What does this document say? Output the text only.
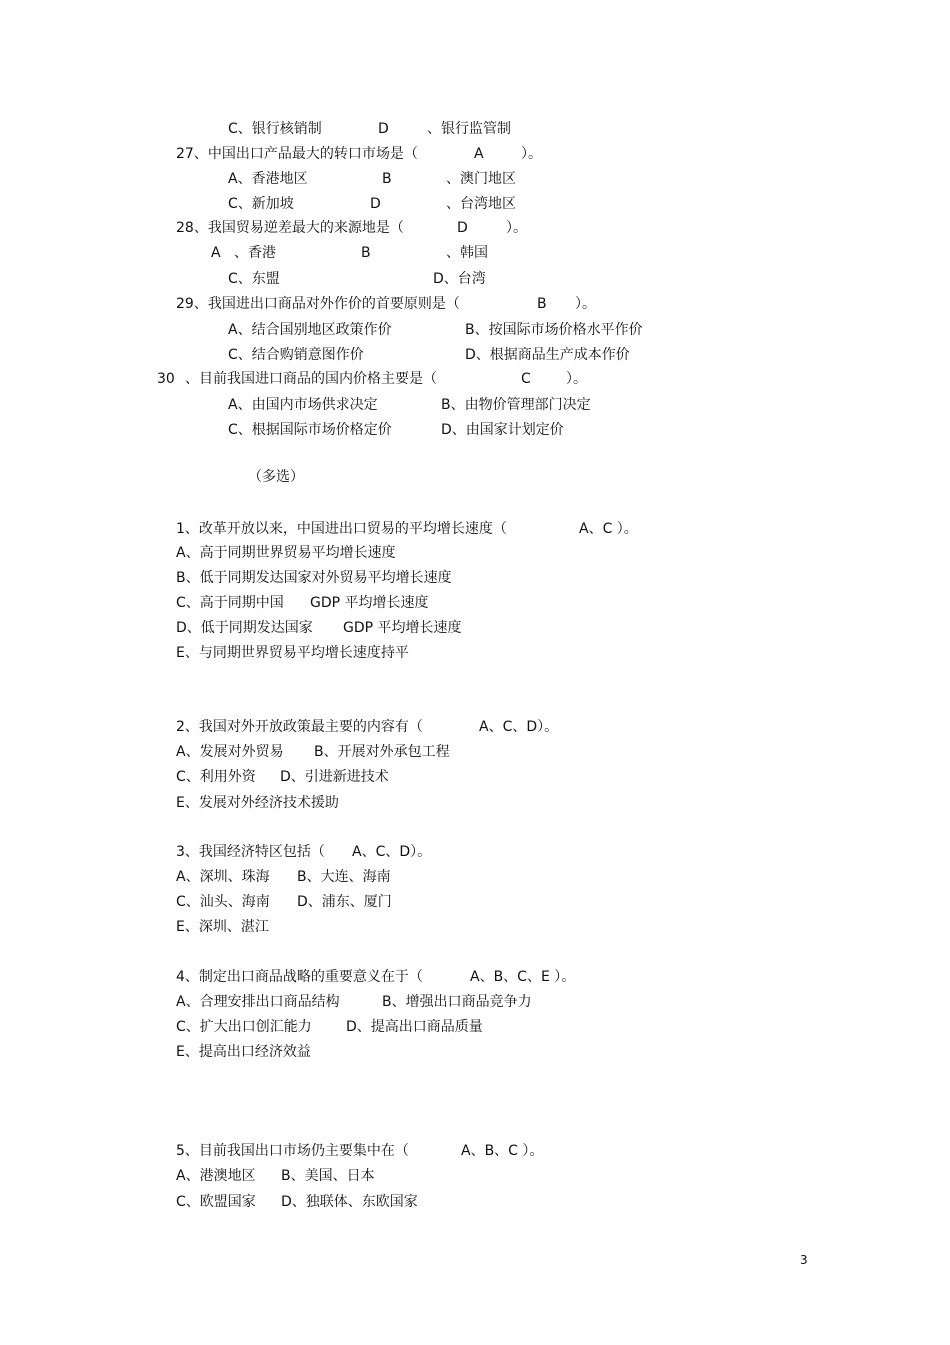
C、银行核销制	D	、银行监管制
27、中国出口产品最大的转口市场是（	A	）。
A、香港地区	B	、澳门地区
C、新加坡	D	、台湾地区
28、我国贸易逆差最大的来源地是（	D	）。
A 、香港	B	、韩国
C、东盟	D、台湾
29、我国进出口商品对外作价的首要原则是（	B ）。
A、结合国别地区政策作价	B、按国际市场价格水平作价
C、结合购销意图作价	D、根据商品生产成本作价
30 、目前我国进口商品的国内价格主要是（	C	）。
A、由国内市场供求决定	B、由物价管理部门决定
C、根据国际市场价格定价	D、由国家计划定价
（多选）
1、改革开放以来，中国进出口贸易的平均增长速度（	A、C ）。
A、高于同期世界贸易平均增长速度
B、低于同期发达国家对外贸易平均增长速度
C、高于同期中国 GDP 平均增长速度
D、低于同期发达国家 GDP 平均增长速度
E、与同期世界贸易平均增长速度持平
2、我国对外开放政策最主要的内容有（	A、C、D）。
A、发展对外贸易 B、开展对外承包工程
C、利用外资 D、引进新进技术
E、发展对外经济技术援助
3、我国经济特区包括（ A、C、D）。
A、深圳、珠海 B、大连、海南
C、汕头、海南 D、浦东、厦门
E、深圳、湛江
4、制定出口商品战略的重要意义在于（	A、B、C、E ）。
A、合理安排出口商品结构	B、增强出口商品竞争力
C、扩大出口创汇能力 D、提高出口商品质量
E、提高出口经济效益
5、目前我国出口市场仍主要集中在（	A、B、C ）。
A、港澳地区 B、美国、日本
C、欧盟国家 D、独联体、东欧国家
3
